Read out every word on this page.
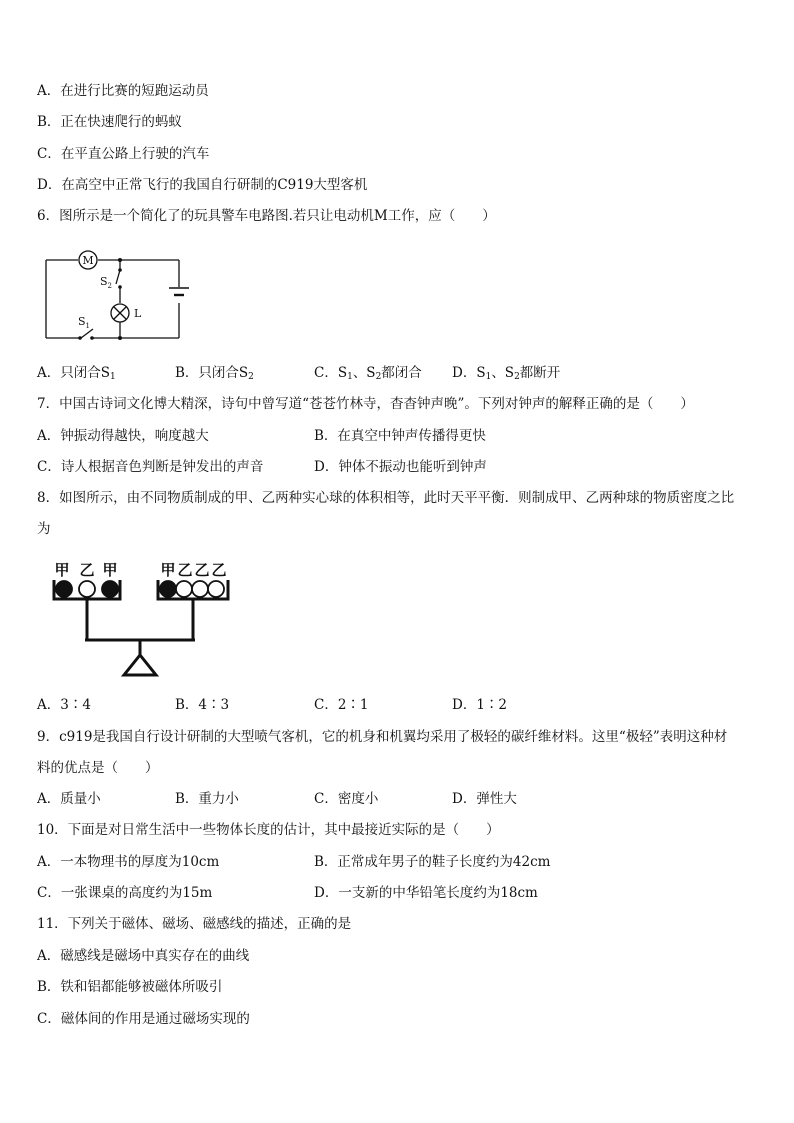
A．在进行比赛的短跑运动员
B．正在快速爬行的蚂蚁
C．在平直公路上行驶的汽车
D．在高空中正常飞行的我国自行研制的C919大型客机
6．图所示是一个简化了的玩具警车电路图.若只让电动机M工作，应（　　）
M
$S_2$
L
$S_1$
A．只闭合$S_1$	B．只闭合$S_2$	C．$S_1$、$S_2$都闭合 D．$S_1$、$S_2$都断开
7．中国古诗词文化博大精深，诗句中曾写道“苍苍竹林寺，杳杳钟声晚”。下列对钟声的解释正确的是（　　）
A．钟振动得越快，响度越大	B．在真空中钟声传播得更快
C．诗人根据音色判断是钟发出的声音	D．钟体不振动也能听到钟声
8．如图所示，由不同物质制成的甲、乙两种实心球的体积相等，此时天平平衡．则制成甲、乙两种球的物质密度之比
为
甲 乙 甲	甲 乙 乙 乙
A．3∶4	B．4∶3	C．2∶1	D．1∶2
9．c919是我国自行设计研制的大型喷气客机，它的机身和机翼均采用了极轻的碳纤维材料。这里“极轻”表明这种材
料的优点是（　　）
A．质量小	B．重力小	C．密度小	D．弹性大
10．下面是对日常生活中一些物体长度的估计，其中最接近实际的是（　　）
A．一本物理书的厚度为10cm	B．正常成年男子的鞋子长度约为42cm
C．一张课桌的高度约为15m	D．一支新的中华铅笔长度约为18cm
11．下列关于磁体、磁场、磁感线的描述，正确的是
A．磁感线是磁场中真实存在的曲线
B．铁和铝都能够被磁体所吸引
C．磁体间的作用是通过磁场实现的
